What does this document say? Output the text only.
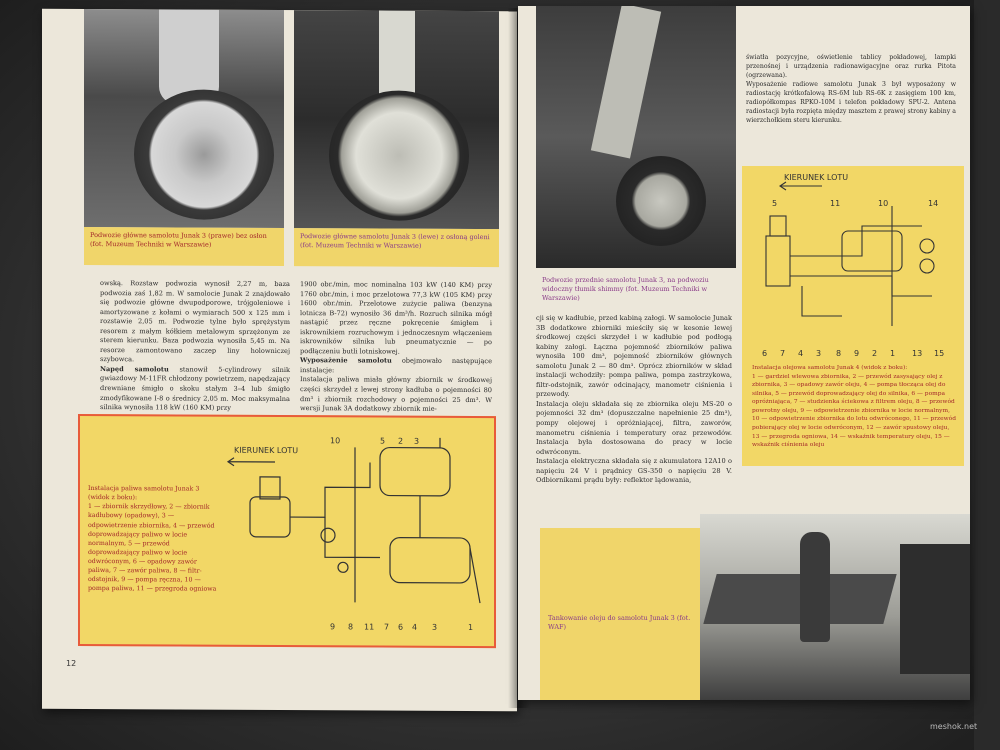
Podwozie główne samolotu Junak 3 (prawe) bez osłon (fot. Muzeum Techniki w Warszawie)
Podwozie główne samolotu Junak 3 (lewe) z osłoną goleni (fot. Muzeum Techniki w Warszawie)
owską. Rozstaw podwozia wynosił 2,27 m, baza podwozia zaś 1,82 m. W samolocie Junak 2 znajdowało się podwozie główne dwupodporowe, trójgoleniowe i amortyzowane z kołami o wymiarach 500 x 125 mm i rozstawie 2,05 m. Podwozie tylne było sprężystym resorem z małym kółkiem metalowym sprzężonym ze sterem kierunku. Baza podwozia wynosiła 5,45 m. Na resorze zamontowano zaczep liny holowniczej szybowca.
Napęd samolotu stanowił 5-cylindrowy silnik gwiazdowy M-11FR chłodzony powietrzem, napędzający drewniane śmigło o skoku stałym 3–4 lub śmigło zmodyfikowane I-8 o średnicy 2,05 m. Moc maksymalna silnika wynosiła 118 kW (160 KM) przy
1900 obr./min, moc nominalna 103 kW (140 KM) przy 1760 obr./min, i moc przelotowa 77,3 kW (105 KM) przy 1600 obr./min. Przelotowe zużycie paliwa (benzyna lotnicza B-72) wynosiło 36 dm³/h. Rozruch silnika mógł nastąpić przez ręczne pokręcenie śmigłem i iskrownikiem rozruchowym i jednoczesnym włączeniem iskrowników silnika lub pneumatycznie — po podłączeniu butli lotniskowej.
Wyposażenie samolotu obejmowało następujące instalacje:
Instalacja paliwa miała główny zbiornik w środkowej części skrzydeł z lewej strony kadłuba o pojemności 80 dm³ i zbiornik rozchodowy o pojemności 25 dm³. W wersji Junak 3A dodatkowy zbiornik mie-
KIERUNEK LOTU
10	5 2 3
9 8 11 7 6 4 3	1
Instalacja paliwa samolotu Junak 3 (widok z boku):
1 — zbiornik skrzydłowy, 2 — zbiornik kadłubowy (opadowy), 3 — odpowietrzenie zbiornika, 4 — przewód doprowadzający paliwo w locie normalnym, 5 — przewód doprowadzający paliwo w locie odwróconym, 6 — opadowy zawór paliwa, 7 — zawór paliwa, 8 — filtr-odstojnik, 9 — pompa ręczna, 10 — pompa paliwa, 11 — przegroda ogniowa
12
Podwozie przednie samolotu Junak 3, na podwoziu widoczny tłumik shimmy (fot. Muzeum Techniki w Warszawie)
światła pozycyjne, oświetlenie tablicy pokładowej, lampki przenośnej i urządzenia radionawigacyjne oraz rurka Pitota (ogrzewana).
Wyposażenie radiowe samolotu Junak 3 był wyposażony w radiostację krótkofalową RS-6M lub RS-6K z zasięgiem 100 km, radiopółkompas RPKO-10M i telefon pokładowy SPU-2. Antena radiostacji była rozpięta między masztem z prawej strony kabiny a wierzchołkiem steru kierunku.
KIERUNEK LOTU
5	11	10	14
6 7 4 3 8 9 2 1 13 15
Instalacja olejowa samolotu Junak 4 (widok z boku):
1 — gardziel wlewowa zbiornika, 2 — przewód zasysający olej z zbiornika, 3 — opadowy zawór oleju, 4 — pompa tłocząca olej do silnika, 5 — przewód doprowadzający olej do silnika, 6 — pompa opróżniająca, 7 — studzienka ściekowa z filtrem oleju, 8 — przewód powrotny oleju, 9 — odpowietrzenie zbiornika w locie normalnym, 10 — odpowietrzenie zbiornika do lotu odwróconego, 11 — przewód pobierający olej w locie odwróconym, 12 — zawór spustowy oleju, 13 — przegroda ogniowa, 14 — wskaźnik temperatury oleju, 15 — wskaźnik ciśnienia oleju
cji się w kadłubie, przed kabiną załogi. W samolocie Junak 3B dodatkowe zbiorniki mieściły się w kesonie lewej środkowej części skrzydeł i w kadłubie pod podłogą kabiny załogi. Łączna pojemność zbiorników paliwa wynosiła 100 dm³, pojemność zbiorników głównych samolotu Junak 2 — 80 dm³. Oprócz zbiorników w skład instalacji wchodziły: pompa paliwa, pompa zastrzykowa, filtr-odstojnik, zawór odcinający, manometr ciśnienia i przewody.
Instalacja oleju składała się ze zbiornika oleju MS-20 o pojemności 32 dm³ (dopuszczalne napełnienie 25 dm³), pompy olejowej i opróżniającej, filtra, zaworów, manometru ciśnienia i temperatury oraz przewodów. Instalacja była dostosowana do pracy w locie odwróconym.
Instalacja elektryczna składała się z akumulatora 12A10 o napięciu 24 V i prądnicy GS-350 o napięciu 28 V. Odbiornikami prądu były: reflektor lądowania,
Tankowanie oleju do samolotu Junak 3 (fot. WAF)
meshok.net
